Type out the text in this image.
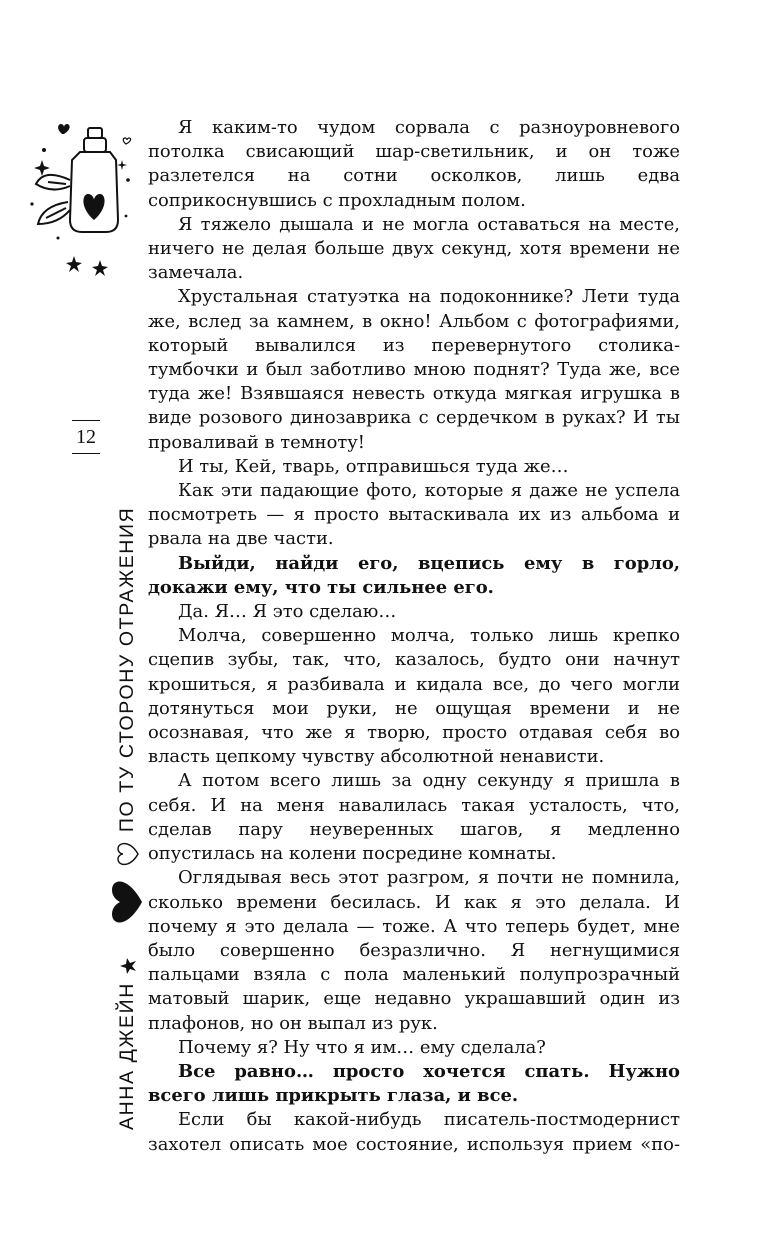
12
АННА ДЖЕЙН
ПО ТУ СТОРОНУ ОТРАЖЕНИЯ

Я каким-то чудом сорвала с разноуровневого потолка свисающий шар-светильник, и он тоже разлетелся на сотни осколков, лишь едва соприкоснувшись с прохладным полом.

Я тяжело дышала и не могла оставаться на месте, ничего не делая больше двух секунд, хотя времени не замечала.

Хрустальная статуэтка на подоконнике? Лети туда же, вслед за камнем, в окно! Альбом с фотографиями, который вывалился из перевернутого столика-тумбочки и был заботливо мною поднят? Туда же, все туда же! Взявшаяся невесть откуда мягкая игрушка в виде розового динозаврика с сердечком в руках? И ты проваливай в темноту!

И ты, Кей, тварь, отправишься туда же…

Как эти падающие фото, которые я даже не успела посмотреть — я просто вытаскивала их из альбома и рвала на две части.

Выйди, найди его, вцепись ему в горло, докажи ему, что ты сильнее его.

Да. Я… Я это сделаю…

Молча, совершенно молча, только лишь крепко сцепив зубы, так, что, казалось, будто они начнут крошиться, я разбивала и кидала все, до чего могли дотянуться мои руки, не ощущая времени и не осознавая, что же я творю, просто отдавая себя во власть цепкому чувству абсолютной ненависти.

А потом всего лишь за одну секунду я пришла в себя. И на меня навалилась такая усталость, что, сделав пару неуверенных шагов, я медленно опустилась на колени посредине комнаты.

Оглядывая весь этот разгром, я почти не помнила, сколько времени бесилась. И как я это делала. И почему я это делала — тоже. А что теперь будет, мне было совершенно безразлично. Я негнущимися пальцами взяла с пола маленький полупрозрачный матовый шарик, еще недавно украшавший один из плафонов, но он выпал из рук.

Почему я? Ну что я им… ему сделала?

Все равно… просто хочется спать. Нужно всего лишь прикрыть глаза, и все.

Если бы какой-нибудь писатель-постмодернист захотел описать мое состояние, используя прием «по-
